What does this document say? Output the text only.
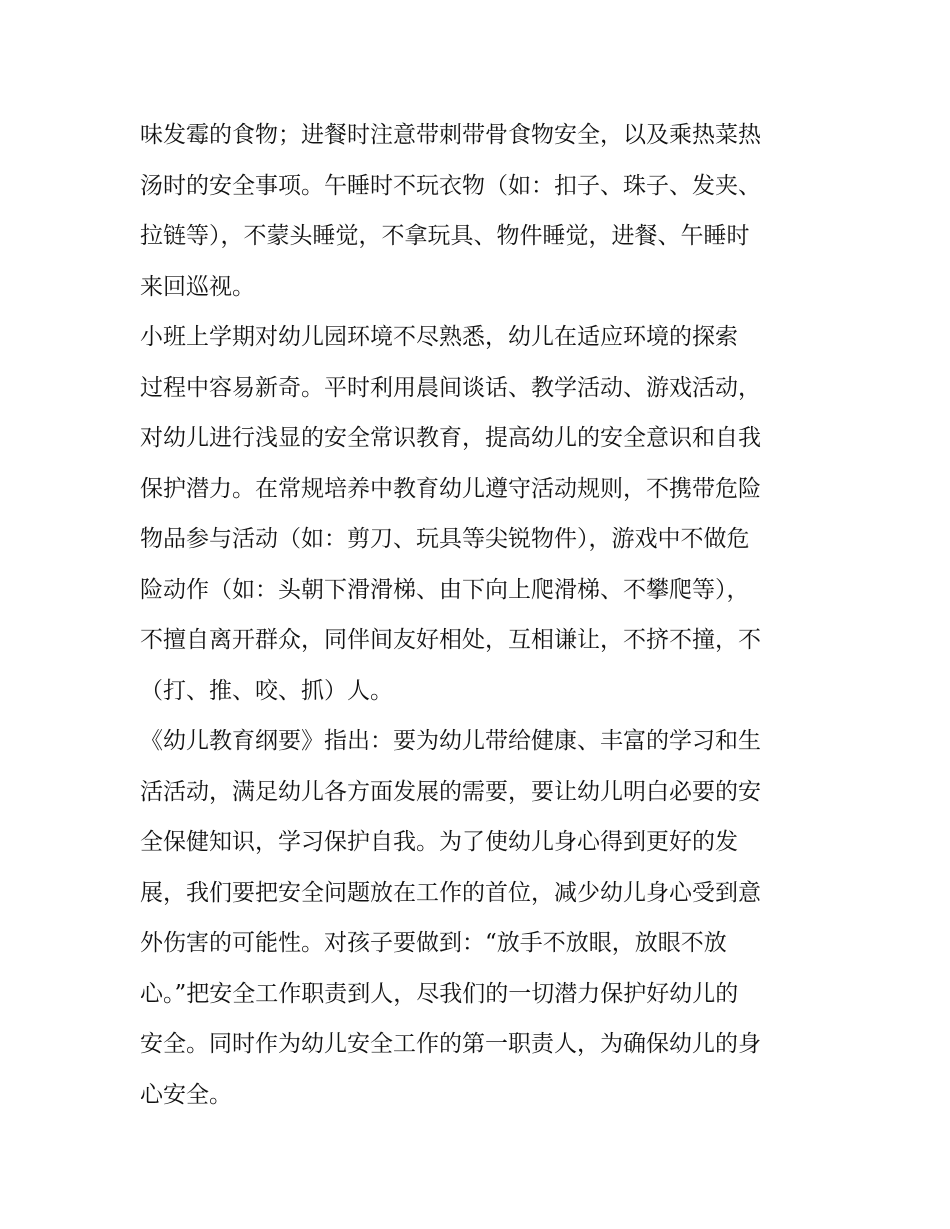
味发霉的食物；进餐时注意带刺带骨食物安全，以及乘热菜热
汤时的安全事项。午睡时不玩衣物（如：扣子、珠子、发夹、
拉链等），不蒙头睡觉，不拿玩具、物件睡觉，进餐、午睡时
来回巡视。
小班上学期对幼儿园环境不尽熟悉，幼儿在适应环境的探索
过程中容易新奇。平时利用晨间谈话、教学活动、游戏活动，
对幼儿进行浅显的安全常识教育，提高幼儿的安全意识和自我
保护潜力。在常规培养中教育幼儿遵守活动规则，不携带危险
物品参与活动（如：剪刀、玩具等尖锐物件），游戏中不做危
险动作（如：头朝下滑滑梯、由下向上爬滑梯、不攀爬等），
不擅自离开群众，同伴间友好相处，互相谦让，不挤不撞，不
（打、推、咬、抓）人。
《幼儿教育纲要》指出：要为幼儿带给健康、丰富的学习和生
活活动，满足幼儿各方面发展的需要，要让幼儿明白必要的安
全保健知识，学习保护自我。为了使幼儿身心得到更好的发
展，我们要把安全问题放在工作的首位，减少幼儿身心受到意
外伤害的可能性。对孩子要做到：“放手不放眼，放眼不放
心。”把安全工作职责到人，尽我们的一切潜力保护好幼儿的
安全。同时作为幼儿安全工作的第一职责人，为确保幼儿的身
心安全。
